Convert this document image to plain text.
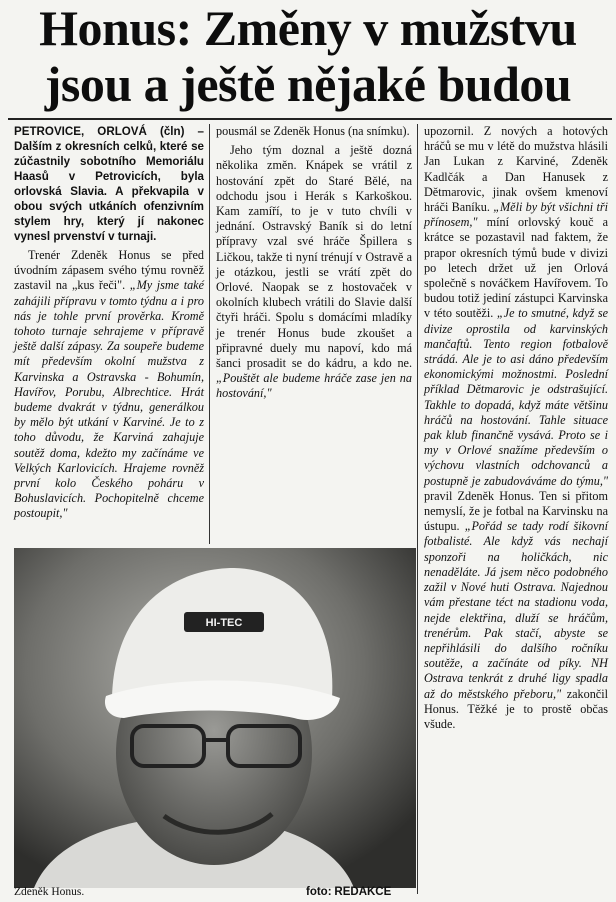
Honus: Změny v mužstvu
jsou a ještě nějaké budou

PETROVICE, ORLOVÁ (čln) – Dalším z okresních celků, které se zúčastnily sobotního Memoriálu Haasů v Petrovicích, byla orlovská Slavia. A překvapila v obou svých utkáních ofenzivním stylem hry, který jí nakonec vynesl prvenství v turnaji.

Trenér Zdeněk Honus se před úvodním zápasem svého týmu rovněž zastavil na „kus řeči". „My jsme také zahájili přípravu v tomto týdnu a i pro nás je tohle první prověrka. Kromě tohoto turnaje sehrajeme v přípravě ještě další zápasy. Za soupeře budeme mít především okolní mužstva z Karvinska a Ostravska - Bohumín, Havířov, Porubu, Albrechtice. Hrát budeme dvakrát v týdnu, generálkou by mělo být utkání v Karviné. Je to z toho důvodu, že Karviná zahajuje soutěž doma, kdežto my začínáme ve Velkých Karlovicích. Hrajeme rovněž první kolo Českého poháru v Bohuslavicích. Pochopitelně chceme postoupit,"

pousmál se Zdeněk Honus (na snímku).

Jeho tým doznal a ještě dozná několika změn. Knápek se vrátil z hostování zpět do Staré Bělé, na odchodu jsou i Herák s Karkoškou. Kam zamíří, to je v tuto chvíli v jednání. Ostravský Baník si do letní přípravy vzal své hráče Špillera s Ličkou, takže ti nyní trénují v Ostravě a je otázkou, jestli se vrátí zpět do Orlové. Naopak se z hostovaček v okolních klubech vrátili do Slavie další čtyři hráči. Spolu s domácími mladíky je trenér Honus bude zkoušet a připravné duely mu napoví, kdo má šanci prosadit se do kádru, a kdo ne. „Pouštět ale budeme hráče zase jen na hostování,"

upozornil. Z nových a hotových hráčů se mu v létě do mužstva hlásili Jan Lukan z Karviné, Zdeněk Kadlčák a Dan Hanusek z Dětmarovic, jinak ovšem kmenoví hráči Baníku. „Měli by být všichni tři přínosem," míní orlovský kouč a krátce se pozastavil nad faktem, že prapor okresních týmů bude v divizi po letech držet už jen Orlová společně s nováčkem Havířovem. To budou totiž jediní zástupci Karvinska v této soutěži. „Je to smutné, když se divize oprostila od karvinských mančaftů. Tento region fotbalově strádá. Ale je to asi dáno především ekonomickými možnostmi. Poslední příklad Dětmarovic je odstrašující. Takhle to dopadá, když máte většinu hráčů na hostování. Tahle situace pak klub finančně vysává. Proto se i my v Orlové snažíme především o výchovu vlastních odchovanců a postupně je zabudováváme do týmu," pravil Zdeněk Honus. Ten si přitom nemyslí, že je fotbal na Karvinsku na ústupu. „Pořád se tady rodí šikovní fotbalisté. Ale když vás nechají sponzoři na holičkách, nic nenaděláte. Já jsem něco podobného zažil v Nové huti Ostrava. Najednou vám přestane téct na stadionu voda, nejde elektřina, dluží se hráčům, trenérům. Pak stačí, abyste se nepřihlásili do dalšího ročníku soutěže, a začínáte od píky. NH Ostrava tenkrát z druhé ligy spadla až do městského přeboru," zakončil Honus. Těžké je to prostě občas všude.

HI-TEC
Zdeněk Honus.	foto: REDAKCE
